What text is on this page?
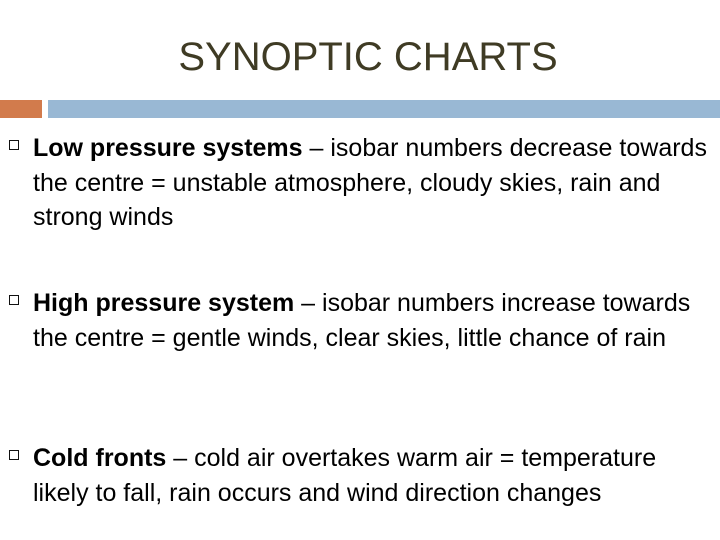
SYNOPTIC CHARTS
Low pressure systems – isobar numbers decrease towards the centre = unstable atmosphere, cloudy skies, rain and strong winds
High pressure system – isobar numbers increase towards the centre = gentle winds, clear skies, little chance of rain
Cold fronts – cold air overtakes warm air = temperature likely to fall, rain occurs and wind direction changes
